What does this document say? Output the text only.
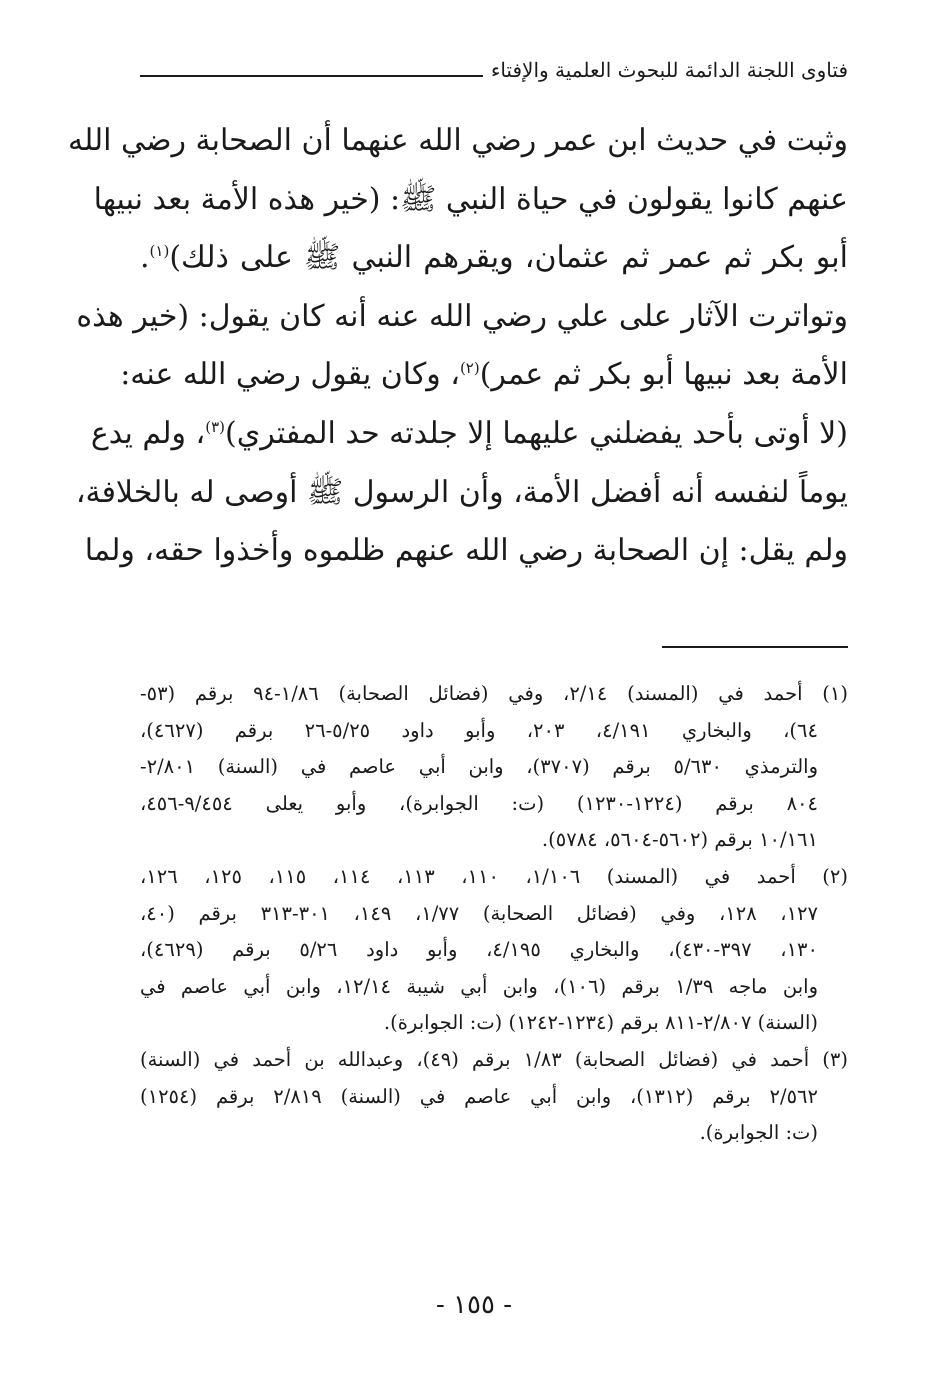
فتاوى اللجنة الدائمة للبحوث العلمية والإفتاء
وثبت في حديث ابن عمر رضي الله عنهما أن الصحابة رضي الله
عنهم كانوا يقولون في حياة النبي ﷺ: (خير هذه الأمة بعد نبيها
أبو بكر ثم عمر ثم عثمان، ويقرهم النبي ﷺ على ذلك)$^{(١)}$.
وتواترت الآثار على علي رضي الله عنه أنه كان يقول: (خير هذه
الأمة بعد نبيها أبو بكر ثم عمر)$^{(٢)}$، وكان يقول رضي الله عنه:
(لا أوتى بأحد يفضلني عليهما إلا جلدته حد المفتري)$^{(٣)}$، ولم يدع
يوماً لنفسه أنه أفضل الأمة، وأن الرسول ﷺ أوصى له بالخلافة،
ولم يقل: إن الصحابة رضي الله عنهم ظلموه وأخذوا حقه، ولما
(١) أحمد في (المسند) ٢/١٤، وفي (فضائل الصحابة) ١/٨٦-٩٤ برقم (٥٣-
٦٤)، والبخاري ٤/١٩١، ٢٠٣، وأبو داود ٥/٢٥-٢٦ برقم (٤٦٢٧)،
والترمذي ٥/٦٣٠ برقم (٣٧٠٧)، وابن أبي عاصم في (السنة) ٢/٨٠١-
٨٠٤ برقم (١٢٢٤-١٢٣٠) (ت: الجوابرة)، وأبو يعلى ٩/٤٥٤-٤٥٦،
١٠/١٦١ برقم (٥٦٠٢-٥٦٠٤، ٥٧٨٤).
(٢) أحمد في (المسند) ١/١٠٦، ١١٠، ١١٣، ١١٤، ١١٥، ١٢٥، ١٢٦،
١٢٧، ١٢٨، وفي (فضائل الصحابة) ١/٧٧، ١٤٩، ٣٠١-٣١٣ برقم (٤٠،
١٣٠، ٣٩٧-٤٣٠)، والبخاري ٤/١٩٥، وأبو داود ٥/٢٦ برقم (٤٦٢٩)،
وابن ماجه ١/٣٩ برقم (١٠٦)، وابن أبي شيبة ١٢/١٤، وابن أبي عاصم في
(السنة) ٢/٨٠٧-٨١١ برقم (١٢٣٤-١٢٤٢) (ت: الجوابرة).
(٣) أحمد في (فضائل الصحابة) ١/٨٣ برقم (٤٩)، وعبدالله بن أحمد في (السنة)
٢/٥٦٢ برقم (١٣١٢)، وابن أبي عاصم في (السنة) ٢/٨١٩ برقم (١٢٥٤)
(ت: الجوابرة).
- ١٥٥ -
